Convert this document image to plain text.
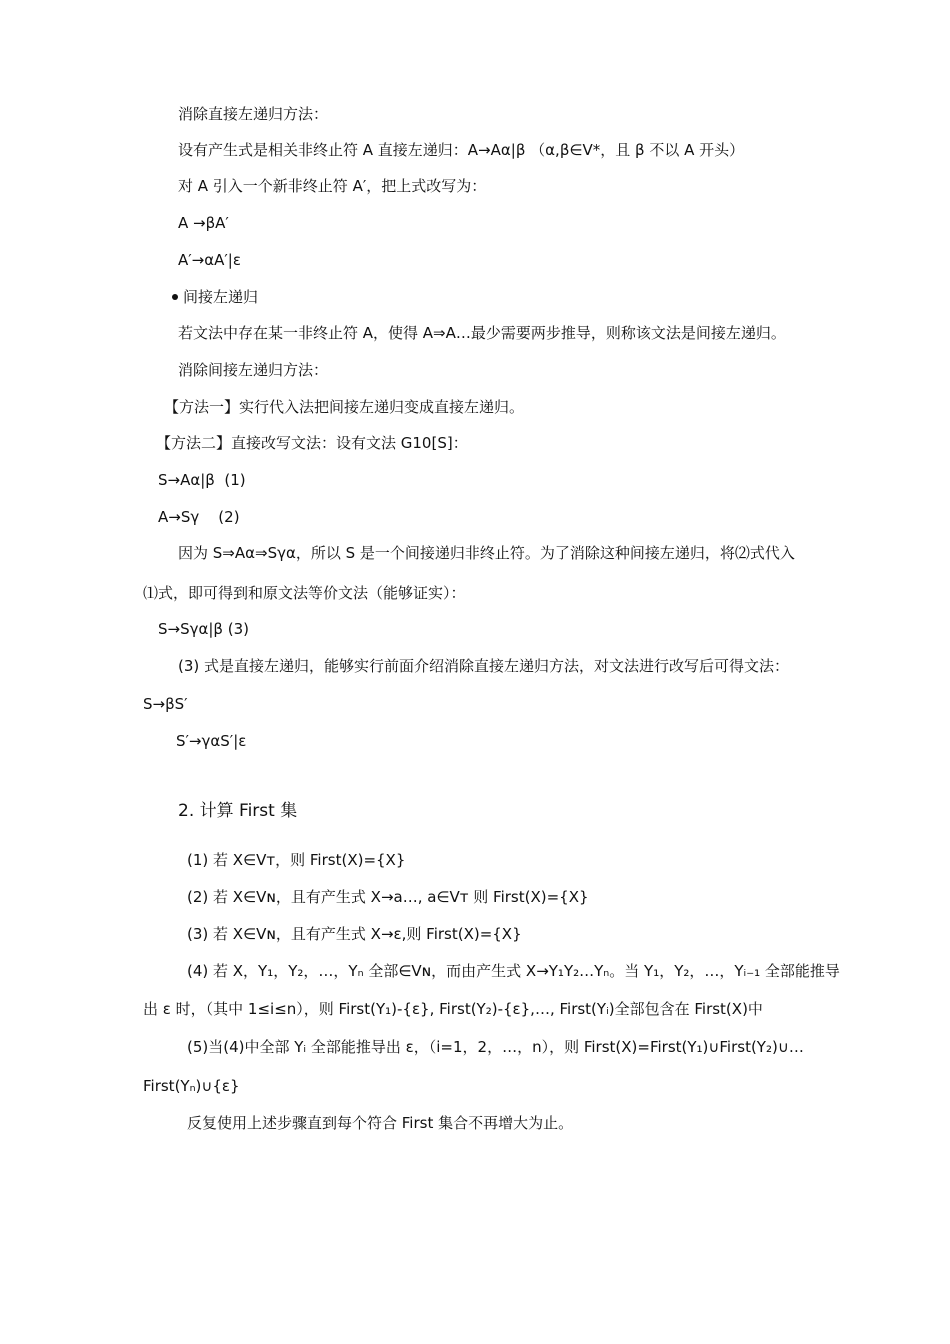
消除直接左递归方法：
设有产生式是相关非终止符 A 直接左递归：A→Aα|β （α,β∈V*，且 β 不以 A 开头）
对 A 引入一个新非终止符 A′，把上式改写为：
A →βA′
A′→αA′|ε
间接左递归
若文法中存在某一非终止符 A，使得 A⇒A…最少需要两步推导，则称该文法是间接左递归。
消除间接左递归方法：
【方法一】实行代入法把间接左递归变成直接左递归。
【方法二】直接改写文法：设有文法 G10[S]：
S→Aα|β  (1)
A→Sγ    (2)
因为 S⇒Aα⇒Sγα，所以 S 是一个间接递归非终止符。为了消除这种间接左递归，将⑵式代入
⑴式，即可得到和原文法等价文法（能够证实）：
S→Sγα|β (3)
(3) 式是直接左递归，能够实行前面介绍消除直接左递归方法，对文法进行改写后可得文法：
S→βS′
S′→γαS′|ε
2. 计算 First 集
(1) 若 X∈Vт，则 First(X)={X}
(2) 若 X∈Vɴ，且有产生式 X→a…, a∈Vт 则 First(X)={X}
(3) 若 X∈Vɴ，且有产生式 X→ε,则 First(X)={X}
(4) 若 X，Y₁，Y₂，…，Yₙ 全部∈Vɴ，而由产生式 X→Y₁Y₂…Yₙ。当 Y₁，Y₂，…，Yᵢ₋₁ 全部能推导
出 ε 时，（其中 1≤i≤n），则 First(Y₁)-{ε}, First(Y₂)-{ε},…, First(Yᵢ)全部包含在 First(X)中
(5)当(4)中全部 Yᵢ 全部能推导出 ε，（i=1，2，…，n），则 First(X)=First(Y₁)∪First(Y₂)∪…
First(Yₙ)∪{ε}
反复使用上述步骤直到每个符合 First 集合不再增大为止。
